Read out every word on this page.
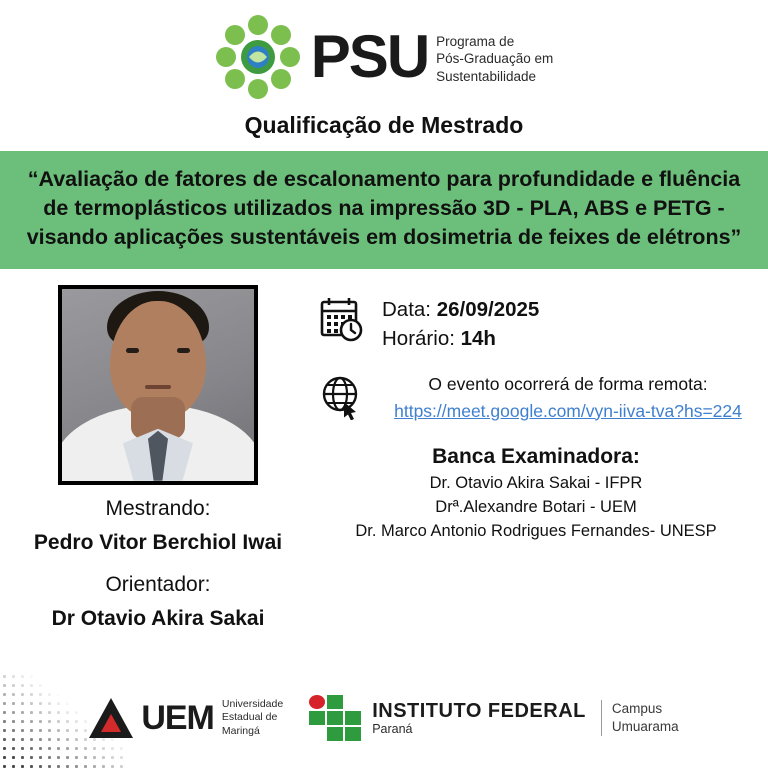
PSU Programa de
Pós-Graduação em
Sustentabilidade
Qualificação de Mestrado

“Avaliação de fatores de escalonamento para profundidade e fluência de termoplásticos utilizados na impressão 3D - PLA, ABS e PETG - visando aplicações sustentáveis em dosimetria de feixes de elétrons”

Mestrando:
Pedro Vitor Berchiol Iwai
Orientador:
Dr Otavio Akira Sakai
Data: 26/09/2025
Horário: 14h
O evento ocorrerá de forma remota:
https://meet.google.com/vyn-iiva-tva?hs=224
Banca Examinadora:
Dr. Otavio Akira Sakai - IFPR
Drª.Alexandre Botari - UEM
Dr. Marco Antonio Rodrigues Fernandes- UNESP
UEM Universidade
Estadual de
Maringá
INSTITUTO FEDERAL
Paraná
Campus
Umuarama
